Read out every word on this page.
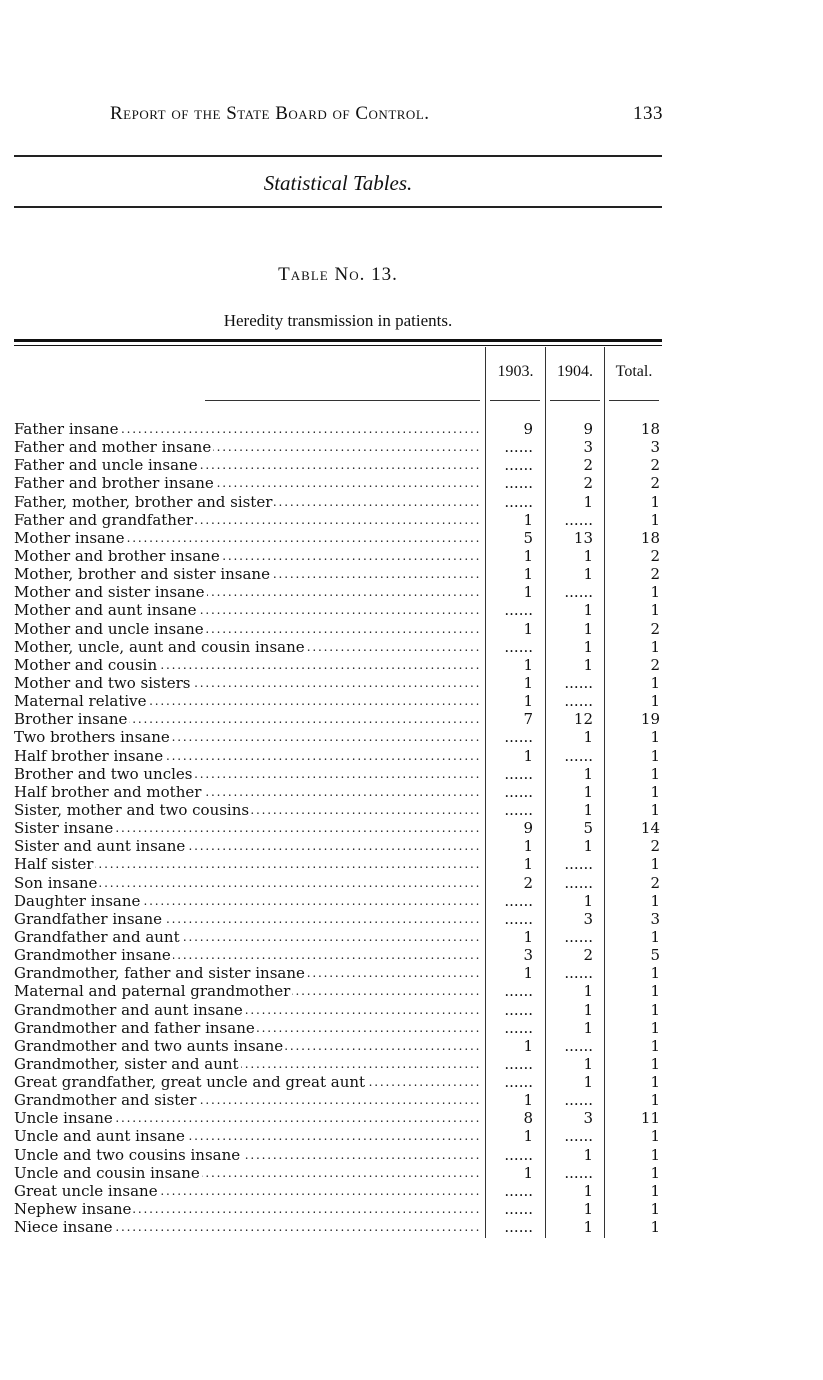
Report of the State Board of Control.	133
Statistical Tables.
Table No. 13.
Heredity transmission in patients.
1903.	1904.	Total.
Father insane . . .	9	9	18
Father and mother insane . . .	......	3	3
Father and uncle insane . . .	......	2	2
Father and brother insane . . .	......	2	2
Father, mother, brother and sister . . .	......	1	1
Father and grandfather . . .	1	......	1
Mother insane . . .	5	13	18
Mother and brother insane . . .	1	1	2
Mother, brother and sister insane . . .	1	1	2
Mother and sister insane . . .	1	......	1
Mother and aunt insane . . .	......	1	1
Mother and uncle insane . . .	1	1	2
Mother, uncle, aunt and cousin insane . . .	......	1	1
Mother and cousin . . .	1	1	2
Mother and two sisters . . .	1	......	1
Maternal relative . . .	1	......	1
Brother insane . . .	7	12	19
Two brothers insane . . .	......	1	1
Half brother insane . . .	1	......	1
Brother and two uncles . . .	......	1	1
Half brother and mother . . .	......	1	1
Sister, mother and two cousins . . .	......	1	1
Sister insane . . .	9	5	14
Sister and aunt insane . . .	1	1	2
Half sister . . .	1	......	1
Son insane . . .	2	......	2
Daughter insane . . .	......	1	1
Grandfather insane . . .	......	3	3
Grandfather and aunt . . .	1	......	1
Grandmother insane . . .	3	2	5
Grandmother, father and sister insane . . .	1	......	1
Maternal and paternal grandmother . . .	......	1	1
Grandmother and aunt insane . . .	......	1	1
Grandmother and father insane . . .	......	1	1
Grandmother and two aunts insane . . .	1	......	1
Grandmother, sister and aunt . . .	......	1	1
Great grandfather, great uncle and great aunt . . .	......	1	1
Grandmother and sister . . .	1	......	1
Uncle insane . . .	8	3	11
Uncle and aunt insane . . .	1	......	1
Uncle and two cousins insane . . .	......	1	1
Uncle and cousin insane . . .	1	......	1
Great uncle insane . . .	......	1	1
Nephew insane . . .	......	1	1
Niece insane . . .	......	1	1
